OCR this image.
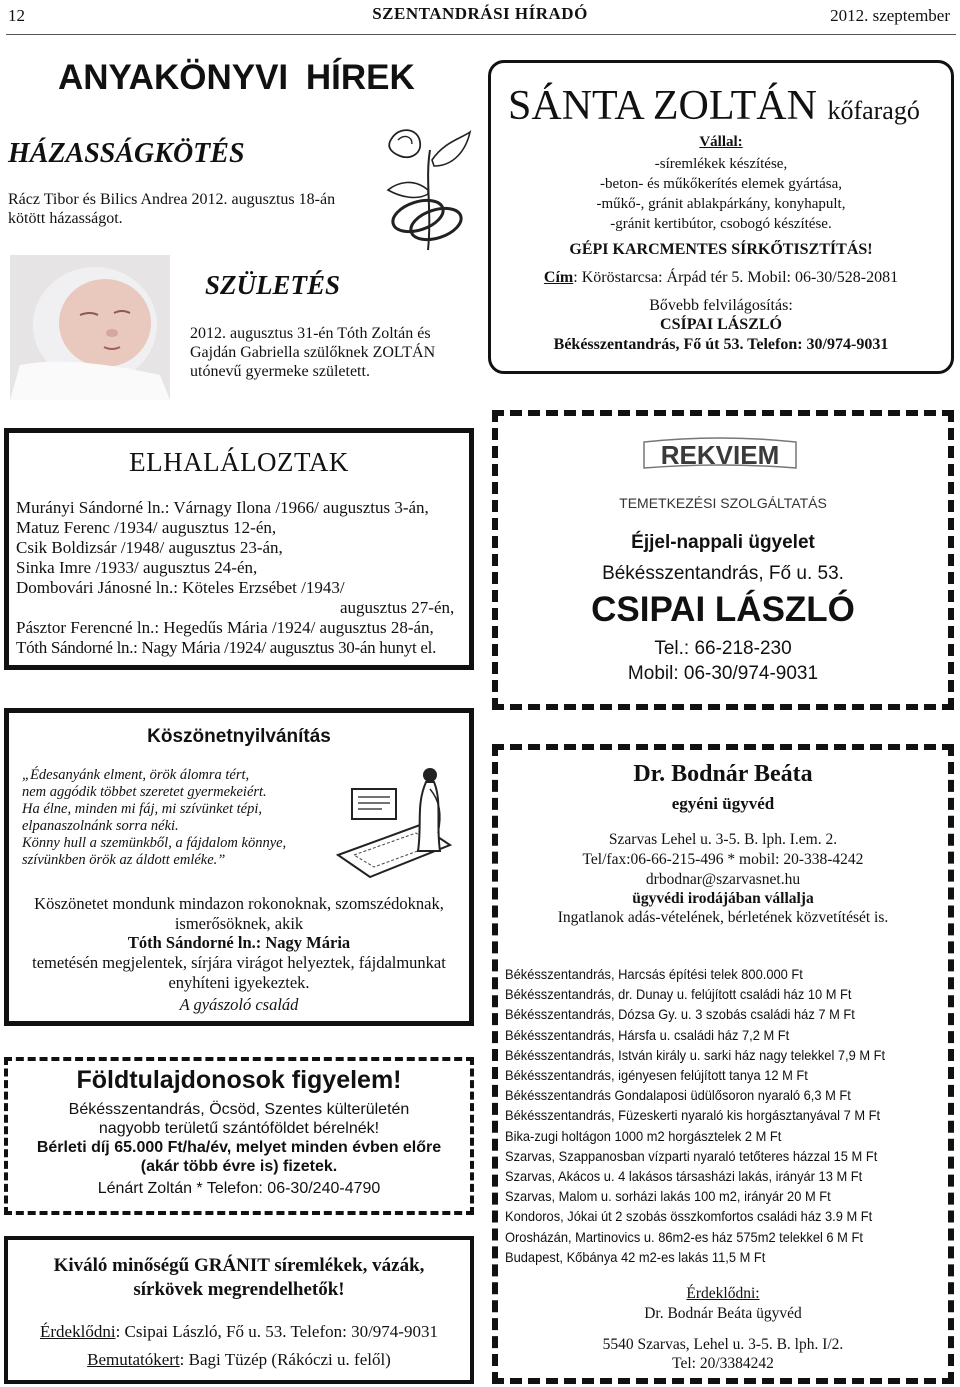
12	SZENTANDRÁSI HÍRADÓ	2012. szeptember
ANYAKÖNYVI HÍREK
HÁZASSÁGKÖTÉS
Rácz Tibor és Bilics Andrea 2012. augusztus 18-án
kötött házasságot.
SZÜLETÉS
2012. augusztus 31-én Tóth Zoltán és
Gajdán Gabriella szülőknek ZOLTÁN
utónevű gyermeke született.
SÁNTA ZOLTÁN kőfaragó
Vállal:
-síremlékek készítése,
-beton- és műkőkerítés elemek gyártása,
-műkő-, gránit ablakpárkány, konyhapult,
-gránit kertibútor, csobogó készítése.
GÉPI KARCMENTES SÍRKŐTISZTÍTÁS!
Cím: Köröstarcsa: Árpád tér 5. Mobil: 06-30/528-2081
Bővebb felvilágosítás:
CSÍPAI LÁSZLÓ
Békésszentandrás, Fő út 53. Telefon: 30/974-9031
ELHALÁLOZTAK
Murányi Sándorné ln.: Várnagy Ilona /1966/ augusztus 3-án,
Matuz Ferenc /1934/ augusztus 12-én,
Csik Boldizsár /1948/ augusztus 23-án,
Sinka Imre /1933/ augusztus 24-én,
Dombovári Jánosné ln.: Köteles Erzsébet /1943/
augusztus 27-én,
Pásztor Ferencné ln.: Hegedűs Mária /1924/ augusztus 28-án,
Tóth Sándorné ln.: Nagy Mária /1924/ augusztus 30-án hunyt el.
REKVIEM
TEMETKEZÉSI SZOLGÁLTATÁS
Éjjel-nappali ügyelet
Békésszentandrás, Fő u. 53.
CSIPAI LÁSZLÓ
Tel.: 66-218-230
Mobil: 06-30/974-9031
Köszönetnyilvánítás
„Édesanyánk elment, örök álomra tért,
nem aggódik többet szeretet gyermekeiért.
Ha élne, minden mi fáj, mi szívünket tépi,
elpanaszolnánk sorra néki.
Könny hull a szemünkből, a fájdalom könnye,
szívünkben örök az áldott emléke.”
Köszönetet mondunk mindazon rokonoknak, szomszédoknak,
ismerősöknek, akik
Tóth Sándorné ln.: Nagy Mária
temetésén megjelentek, sírjára virágot helyeztek, fájdalmunkat
enyhíteni igyekeztek.
A gyászoló család
Földtulajdonosok figyelem!
Békésszentandrás, Öcsöd, Szentes külterületén
nagyobb területű szántóföldet bérelnék!
Bérleti díj 65.000 Ft/ha/év, melyet minden évben előre
(akár több évre is) fizetek.
Lénárt Zoltán * Telefon: 06-30/240-4790
Kiváló minőségű GRÁNIT síremlékek, vázák,
sírkövek megrendelhetők!
Érdeklődni: Csipai László, Fő u. 53. Telefon: 30/974-9031
Bemutatókert: Bagi Tüzép (Rákóczi u. felől)
Dr. Bodnár Beáta
egyéni ügyvéd
Szarvas Lehel u. 3-5. B. lph. I.em. 2.
Tel/fax:06-66-215-496 * mobil: 20-338-4242
drbodnar@szarvasnet.hu
ügyvédi irodájában vállalja
Ingatlanok adás-vételének, bérletének közvetítését is.
Békésszentandrás, Harcsás építési telek 800.000 Ft
Békésszentandrás, dr. Dunay u. felújított családi ház 10 M Ft
Békésszentandrás, Dózsa Gy. u. 3 szobás családi ház 7 M Ft
Békésszentandrás, Hársfa u. családi ház 7,2 M Ft
Békésszentandrás, István király u. sarki ház nagy telekkel 7,9 M Ft
Békésszentandrás, igényesen felújított tanya 12 M Ft
Békésszentandrás Gondalaposi üdülősoron nyaraló 6,3 M Ft
Békésszentandrás, Füzeskerti nyaraló kis horgásztanyával 7 M Ft
Bika-zugi holtágon 1000 m2 horgásztelek 2 M Ft
Szarvas, Szappanosban vízparti nyaraló tetőteres házzal 15 M Ft
Szarvas, Akácos u. 4 lakásos társasházi lakás, irányár 13 M Ft
Szarvas, Malom u. sorházi lakás 100 m2, irányár 20 M Ft
Kondoros, Jókai út 2 szobás összkomfortos családi ház 3.9 M Ft
Orosházán, Martinovics u. 86m2-es ház 575m2 telekkel 6 M Ft
Budapest, Kőbánya 42 m2-es lakás 11,5 M Ft
Érdeklődni:
Dr. Bodnár Beáta ügyvéd
5540 Szarvas, Lehel u. 3-5. B. lph. I/2.
Tel: 20/3384242
